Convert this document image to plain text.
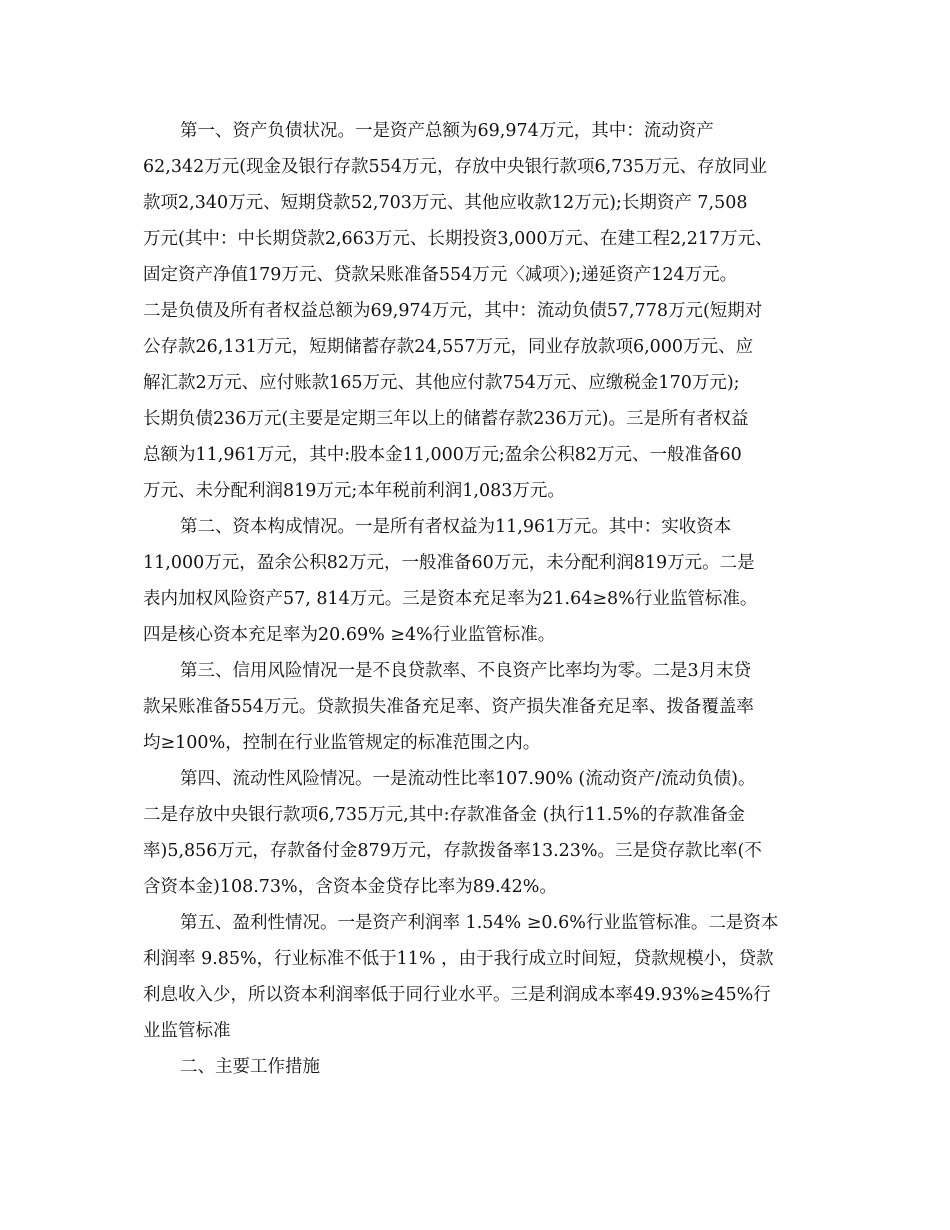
第一、资产负债状况。一是资产总额为69,974万元，其中：流动资产
62,342万元(现金及银行存款554万元，存放中央银行款项6,735万元、存放同业
款项2,340万元、短期贷款52,703万元、其他应收款12万元);长期资产 7,508
万元(其中：中长期贷款2,663万元、长期投资3,000万元、在建工程2,217万元、
固定资产净值179万元、贷款呆账准备554万元〈减项〉);递延资产124万元。
二是负债及所有者权益总额为69,974万元，其中：流动负债57,778万元(短期对
公存款26,131万元，短期储蓄存款24,557万元，同业存放款项6,000万元、应
解汇款2万元、应付账款165万元、其他应付款754万元、应缴税金170万元);
长期负债236万元(主要是定期三年以上的储蓄存款236万元)。三是所有者权益
总额为11,961万元，其中:股本金11,000万元;盈余公积82万元、一般准备60
万元、未分配利润819万元;本年税前利润1,083万元。
第二、资本构成情况。一是所有者权益为11,961万元。其中：实收资本
11,000万元，盈余公积82万元，一般准备60万元，未分配利润819万元。二是
表内加权风险资产57, 814万元。三是资本充足率为21.64≥8%行业监管标准。
四是核心资本充足率为20.69% ≥4%行业监管标准。
第三、信用风险情况一是不良贷款率、不良资产比率均为零。二是3月末贷
款呆账准备554万元。贷款损失准备充足率、资产损失准备充足率、拨备覆盖率
均≥100%，控制在行业监管规定的标准范围之内。
第四、流动性风险情况。一是流动性比率107.90% (流动资产/流动负债)。
二是存放中央银行款项6,735万元,其中:存款准备金 (执行11.5%的存款准备金
率)5,856万元，存款备付金879万元，存款拨备率13.23%。三是贷存款比率(不
含资本金)108.73%，含资本金贷存比率为89.42%。
第五、盈利性情况。一是资产利润率 1.54% ≥0.6%行业监管标准。二是资本
利润率 9.85%，行业标准不低于11% ，由于我行成立时间短，贷款规模小，贷款
利息收入少，所以资本利润率低于同行业水平。三是利润成本率49.93%≥45%行
业监管标准
二、主要工作措施
